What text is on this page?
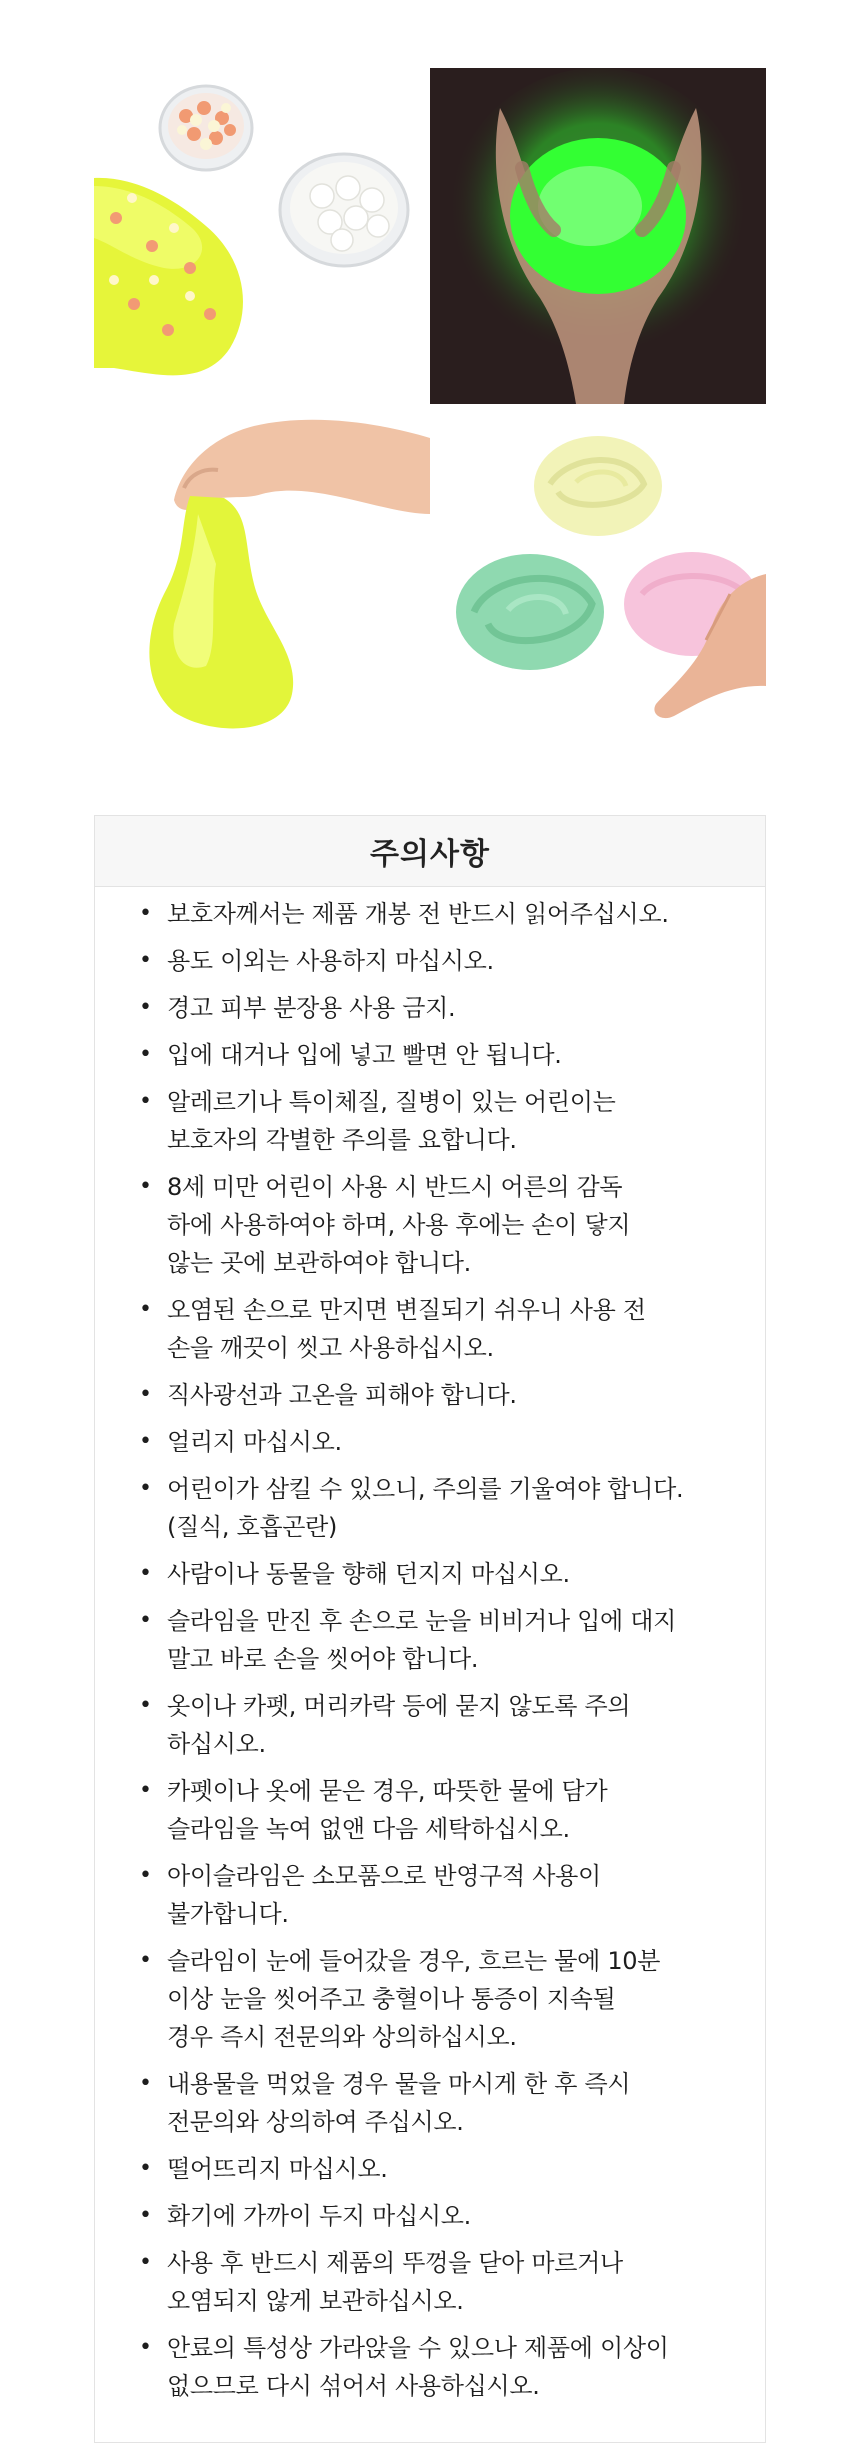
주의사항
• 보호자께서는 제품 개봉 전 반드시 읽어주십시오.
• 용도 이외는 사용하지 마십시오.
• 경고 피부 분장용 사용 금지.
• 입에 대거나 입에 넣고 빨면 안 됩니다.
• 알레르기나 특이체질, 질병이 있는 어린이는
보호자의 각별한 주의를 요합니다.
• 8세 미만 어린이 사용 시 반드시 어른의 감독
하에 사용하여야 하며, 사용 후에는 손이 닿지
않는 곳에 보관하여야 합니다.
• 오염된 손으로 만지면 변질되기 쉬우니 사용 전
손을 깨끗이 씻고 사용하십시오.
• 직사광선과 고온을 피해야 합니다.
• 얼리지 마십시오.
• 어린이가 삼킬 수 있으니, 주의를 기울여야 합니다.
(질식, 호흡곤란)
• 사람이나 동물을 향해 던지지 마십시오.
• 슬라임을 만진 후 손으로 눈을 비비거나 입에 대지
말고 바로 손을 씻어야 합니다.
• 옷이나 카펫, 머리카락 등에 묻지 않도록 주의
하십시오.
• 카펫이나 옷에 묻은 경우, 따뜻한 물에 담가
슬라임을 녹여 없앤 다음 세탁하십시오.
• 아이슬라임은 소모품으로 반영구적 사용이
불가합니다.
• 슬라임이 눈에 들어갔을 경우, 흐르는 물에 10분
이상 눈을 씻어주고 충혈이나 통증이 지속될
경우 즉시 전문의와 상의하십시오.
• 내용물을 먹었을 경우 물을 마시게 한 후 즉시
전문의와 상의하여 주십시오.
• 떨어뜨리지 마십시오.
• 화기에 가까이 두지 마십시오.
• 사용 후 반드시 제품의 뚜껑을 닫아 마르거나
오염되지 않게 보관하십시오.
• 안료의 특성상 가라앉을 수 있으나 제품에 이상이
없으므로 다시 섞어서 사용하십시오.
